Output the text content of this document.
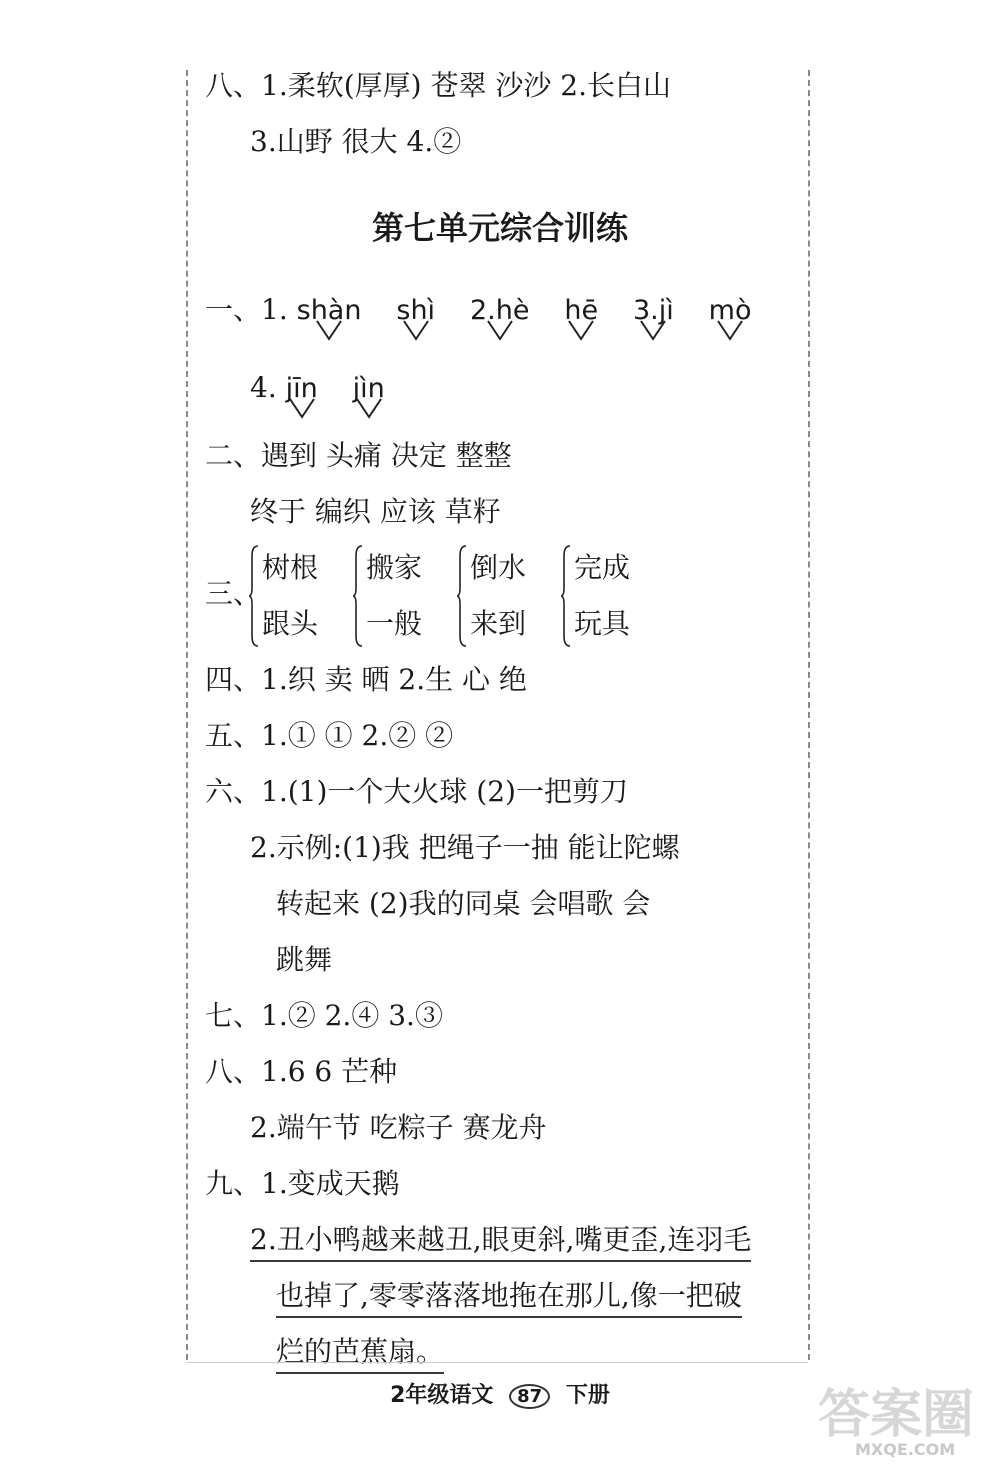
八、1.柔软(厚厚) 苍翠 沙沙 2.长白山
3.山野 很大 4.②
第七单元综合训练
一、1. shàn shì 2.hè hē 3.jì mò
4. jīn jìn
二、遇到 头痛 决定 整整
终于 编织 应该 草籽
三、
树根
跟头
搬家
一般
倒水
来到
完成
玩具
四、1.织 卖 晒 2.生 心 绝
五、1.① ① 2.② ②
六、1.(1)一个大火球 (2)一把剪刀
2.示例:(1)我 把绳子一抽 能让陀螺
转起来 (2)我的同桌 会唱歌 会
跳舞
七、1.② 2.④ 3.③
八、1.6 6 芒种
2.端午节 吃粽子 赛龙舟
九、1.变成天鹅
2.丑小鸭越来越丑,眼更斜,嘴更歪,连羽毛
也掉了,零零落落地拖在那儿,像一把破
烂的芭蕉扇。
2年级语文 87 下册	答案圈
MXQE.COM
